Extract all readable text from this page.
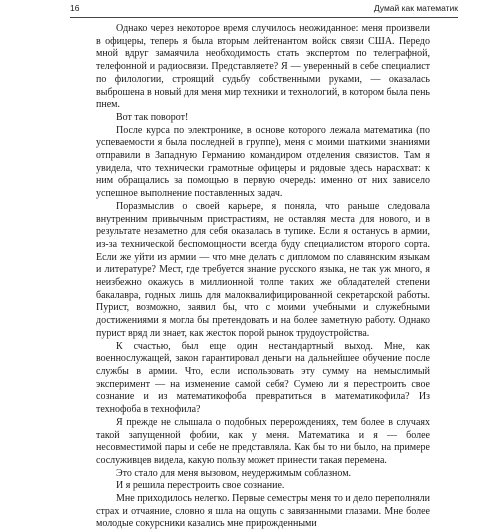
16	Думай как математик

Однако через некоторое время случилось неожиданное: меня произвели в офицеры, теперь я была вторым лейтенантом войск связи США. Передо мной вдруг замаячила необходимость стать экспертом по телеграфной, телефонной и радиосвязи. Представляете? Я — уверенный в себе специалист по филологии, строящий судьбу собственными руками, — оказалась выброшена в новый для меня мир техники и технологий, в котором была пень пнем.

Вот так поворот!

После курса по электронике, в основе которого лежала математика (по успеваемости я была последней в группе), меня с моими шаткими знаниями отправили в Западную Германию командиром отделения связистов. Там я увидела, что технически грамотные офицеры и рядовые здесь нарасхват: к ним обращались за помощью в первую очередь: именно от них зависело успешное выполнение поставленных задач.

Поразмыслив о своей карьере, я поняла, что раньше следовала внутренним привычным пристрастиям, не оставляя места для нового, и в результате незаметно для себя оказалась в тупике. Если я останусь в армии, из-за технической беспомощности всегда буду специалистом второго сорта. Если же уйти из армии — что мне делать с дипломом по славянским языкам и литературе? Мест, где требуется знание русского языка, не так уж много, я неизбежно окажусь в миллионной толпе таких же обладателей степени бакалавра, годных лишь для малоквалифицированной секретарской работы. Пурист, возможно, заявил бы, что с моими учебными и служебными достижениями я могла бы претендовать и на более заметную работу. Однако пурист вряд ли знает, как жесток порой рынок трудоустройства.

К счастью, был еще один нестандартный выход. Мне, как военнослужащей, закон гарантировал деньги на дальнейшее обучение после службы в армии. Что, если использовать эту сумму на немыслимый эксперимент — на изменение самой себя? Сумею ли я перестроить свое сознание и из математикофоба превратиться в математикофила? Из технофоба в технофила?

Я прежде не слышала о подобных перерождениях, тем более в случаях такой запущенной фобии, как у меня. Математика и я — более несовместимой пары и себе не представляла. Как бы то ни было, на примере сослуживцев видела, какую пользу может принести такая перемена.

Это стало для меня вызовом, неудержимым соблазном.

И я решила перестроить свое сознание.

Мне приходилось нелегко. Первые семестры меня то и дело переполняли страх и отчаяние, словно я шла на ощупь с завязанными глазами. Мне более молодые сокурсники казались мне прирожденными
